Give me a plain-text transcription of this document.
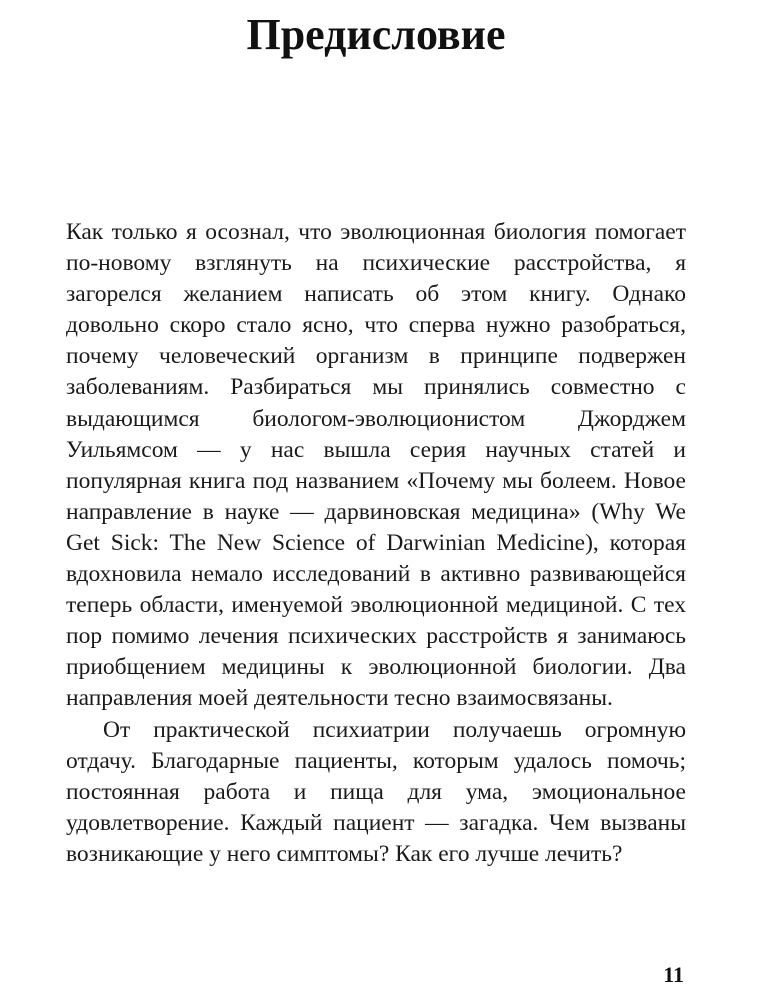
Предисловие

Как только я осознал, что эволюционная биология помогает по-новому взглянуть на психические расстройства, я загорелся желанием написать об этом книгу. Однако довольно скоро стало ясно, что сперва нужно разобраться, почему человеческий организм в принципе подвержен заболеваниям. Разбираться мы принялись совместно с выдающимся биологом-эволюционистом Джорджем Уильямсом — у нас вышла серия научных статей и популярная книга под названием «Почему мы болеем. Новое направление в науке — дарвиновская медицина» (Why We Get Sick: The New Science of Darwinian Medicine), которая вдохновила немало исследований в активно развивающейся теперь области, именуемой эволюционной медициной. С тех пор помимо лечения психических расстройств я занимаюсь приобщением медицины к эволюционной биологии. Два направления моей деятельности тесно взаимосвязаны.

От практической психиатрии получаешь огромную отдачу. Благодарные пациенты, которым удалось помочь; постоянная работа и пища для ума, эмоциональное удовлетворение. Каждый пациент — загадка. Чем вызваны возникающие у него симптомы? Как его лучше лечить?

11
